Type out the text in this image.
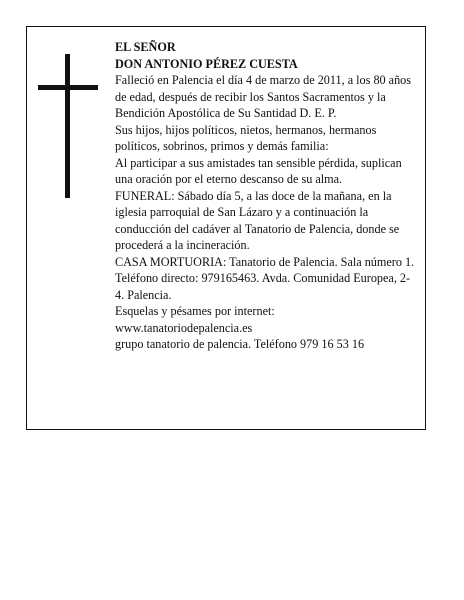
EL SEÑOR

DON ANTONIO PÉREZ CUESTA

Falleció en Palencia el día 4 de marzo de 2011, a los 80 años de edad, después de recibir los Santos Sacramentos y la Bendición Apostólica de Su Santidad D. E. P.

Sus hijos, hijos políticos, nietos, hermanos, hermanos políticos, sobrinos, primos y demás familia:

Al participar a sus amistades tan sensible pérdida, suplican una oración por el eterno descanso de su alma.

FUNERAL: Sábado día 5, a las doce de la mañana, en la iglesia parroquial de San Lázaro y a continuación la conducción del cadáver al Tanatorio de Palencia, donde se procederá a la incineración.

CASA MORTUORIA: Tanatorio de Palencia. Sala número 1. Teléfono directo: 979165463. Avda. Comunidad Europea, 2-4. Palencia.

Esquelas y pésames por internet:

www.tanatoriodepalencia.es

grupo tanatorio de palencia. Teléfono 979 16 53 16
